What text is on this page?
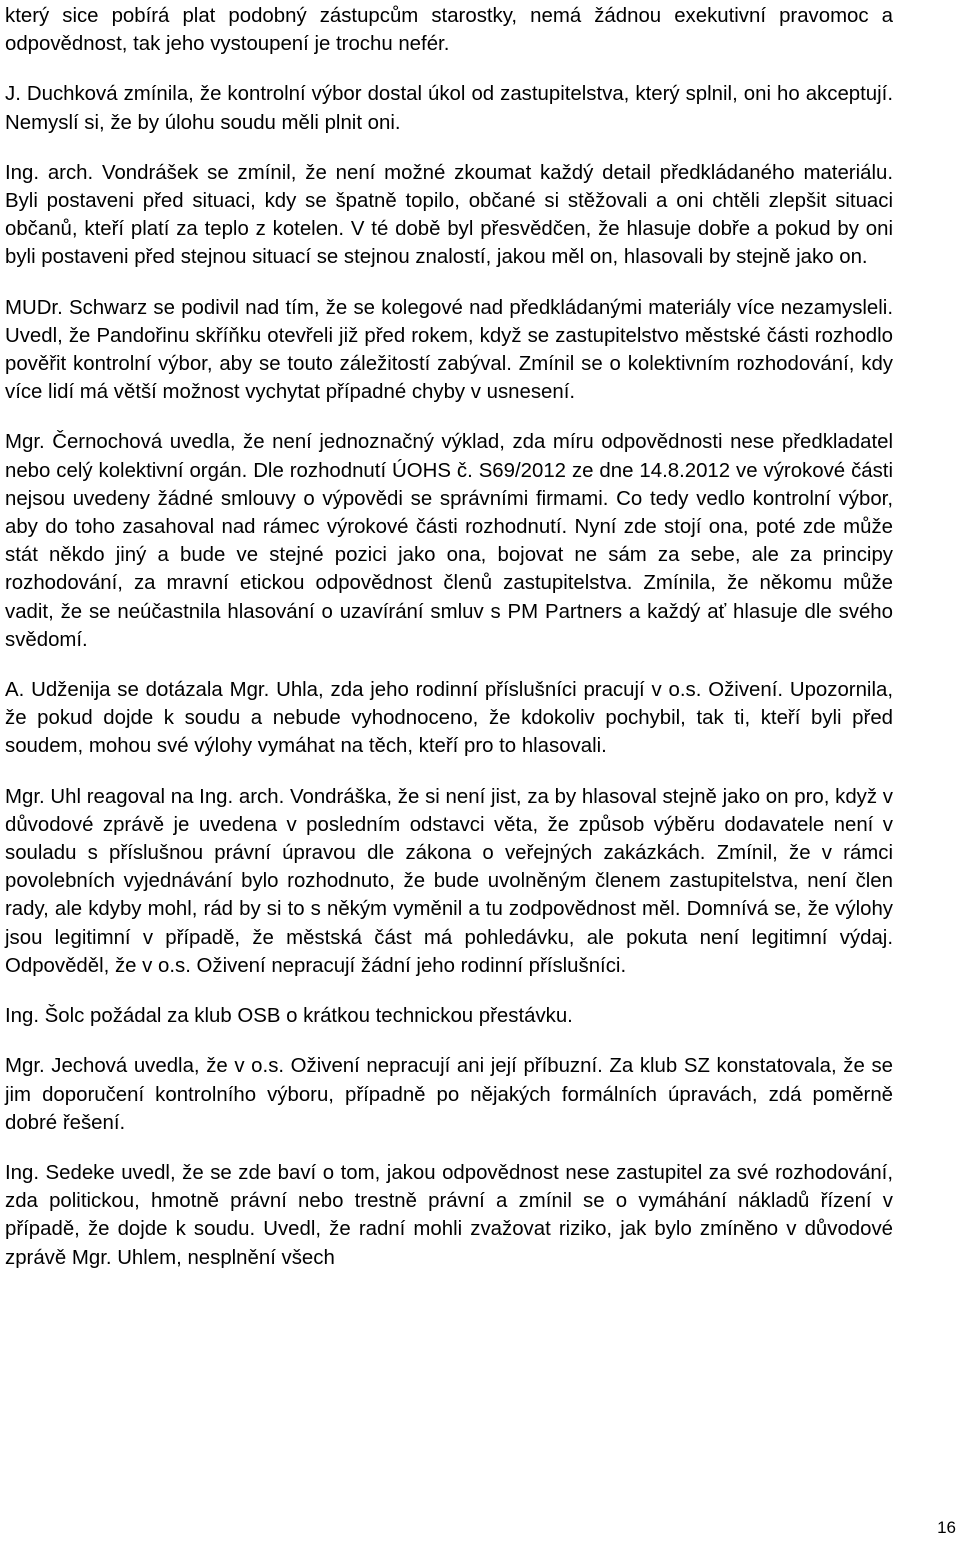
který sice pobírá plat podobný zástupcům starostky, nemá žádnou exekutivní pravomoc a odpovědnost, tak jeho vystoupení je trochu nefér.

J. Duchková zmínila, že kontrolní výbor dostal úkol od zastupitelstva, který splnil, oni ho akceptují. Nemyslí si, že by úlohu soudu měli plnit oni.

Ing. arch. Vondrášek se zmínil, že není možné zkoumat každý detail předkládaného materiálu. Byli postaveni před situaci, kdy se špatně topilo, občané si stěžovali a oni chtěli zlepšit situaci občanů, kteří platí za teplo z kotelen. V té době byl přesvědčen, že hlasuje dobře a pokud by oni byli postaveni před stejnou situací se stejnou znalostí, jakou měl on, hlasovali by stejně jako on.

MUDr. Schwarz se podivil nad tím, že se kolegové nad předkládanými materiály více nezamysleli. Uvedl, že Pandořinu skříňku otevřeli již před rokem, když se zastupitelstvo městské části rozhodlo pověřit kontrolní výbor, aby se touto záležitostí zabýval. Zmínil se o kolektivním rozhodování, kdy více lidí má větší možnost vychytat případné chyby v usnesení.

Mgr. Černochová uvedla, že není jednoznačný výklad, zda míru odpovědnosti nese předkladatel nebo celý kolektivní orgán. Dle rozhodnutí ÚOHS č. S69/2012 ze dne 14.8.2012 ve výrokové části nejsou uvedeny žádné smlouvy o výpovědi se správními firmami. Co tedy vedlo kontrolní výbor, aby do toho zasahoval nad rámec výrokové části rozhodnutí. Nyní zde stojí ona, poté zde může stát někdo jiný a bude ve stejné pozici jako ona, bojovat ne sám za sebe, ale za principy rozhodování, za mravní etickou odpovědnost členů zastupitelstva. Zmínila, že někomu může vadit, že se neúčastnila hlasování o uzavírání smluv s PM Partners a každý ať hlasuje dle svého svědomí.

A. Udženija se dotázala Mgr. Uhla, zda jeho rodinní příslušníci pracují v o.s. Oživení. Upozornila, že pokud dojde k soudu a nebude vyhodnoceno, že kdokoliv pochybil, tak ti, kteří byli před soudem, mohou své výlohy vymáhat na těch, kteří pro to hlasovali.

Mgr. Uhl reagoval na Ing. arch. Vondráška, že si není jist, za by hlasoval stejně jako on pro, když v důvodové zprávě je uvedena v posledním odstavci věta, že způsob výběru dodavatele není v souladu s příslušnou právní úpravou dle zákona o veřejných zakázkách. Zmínil, že v rámci povolebních vyjednávání bylo rozhodnuto, že bude uvolněným členem zastupitelstva, není člen rady, ale kdyby mohl, rád by si to s někým vyměnil a tu zodpovědnost měl. Domnívá se, že výlohy jsou legitimní v případě, že městská část má pohledávku, ale pokuta není legitimní výdaj. Odpověděl, že v o.s. Oživení nepracují žádní jeho rodinní příslušníci.

Ing. Šolc požádal za klub OSB o krátkou technickou přestávku.

Mgr. Jechová uvedla, že v o.s. Oživení nepracují ani její příbuzní. Za klub SZ konstatovala, že se jim doporučení kontrolního výboru, případně po nějakých formálních úpravách, zdá poměrně dobré řešení.

Ing. Sedeke uvedl, že se zde baví o tom, jakou odpovědnost nese zastupitel za své rozhodování, zda politickou, hmotně právní nebo trestně právní a zmínil se o vymáhání nákladů řízení v případě, že dojde k soudu. Uvedl, že radní mohli zvažovat riziko, jak bylo zmíněno v důvodové zprávě Mgr. Uhlem, nesplnění všech

16
